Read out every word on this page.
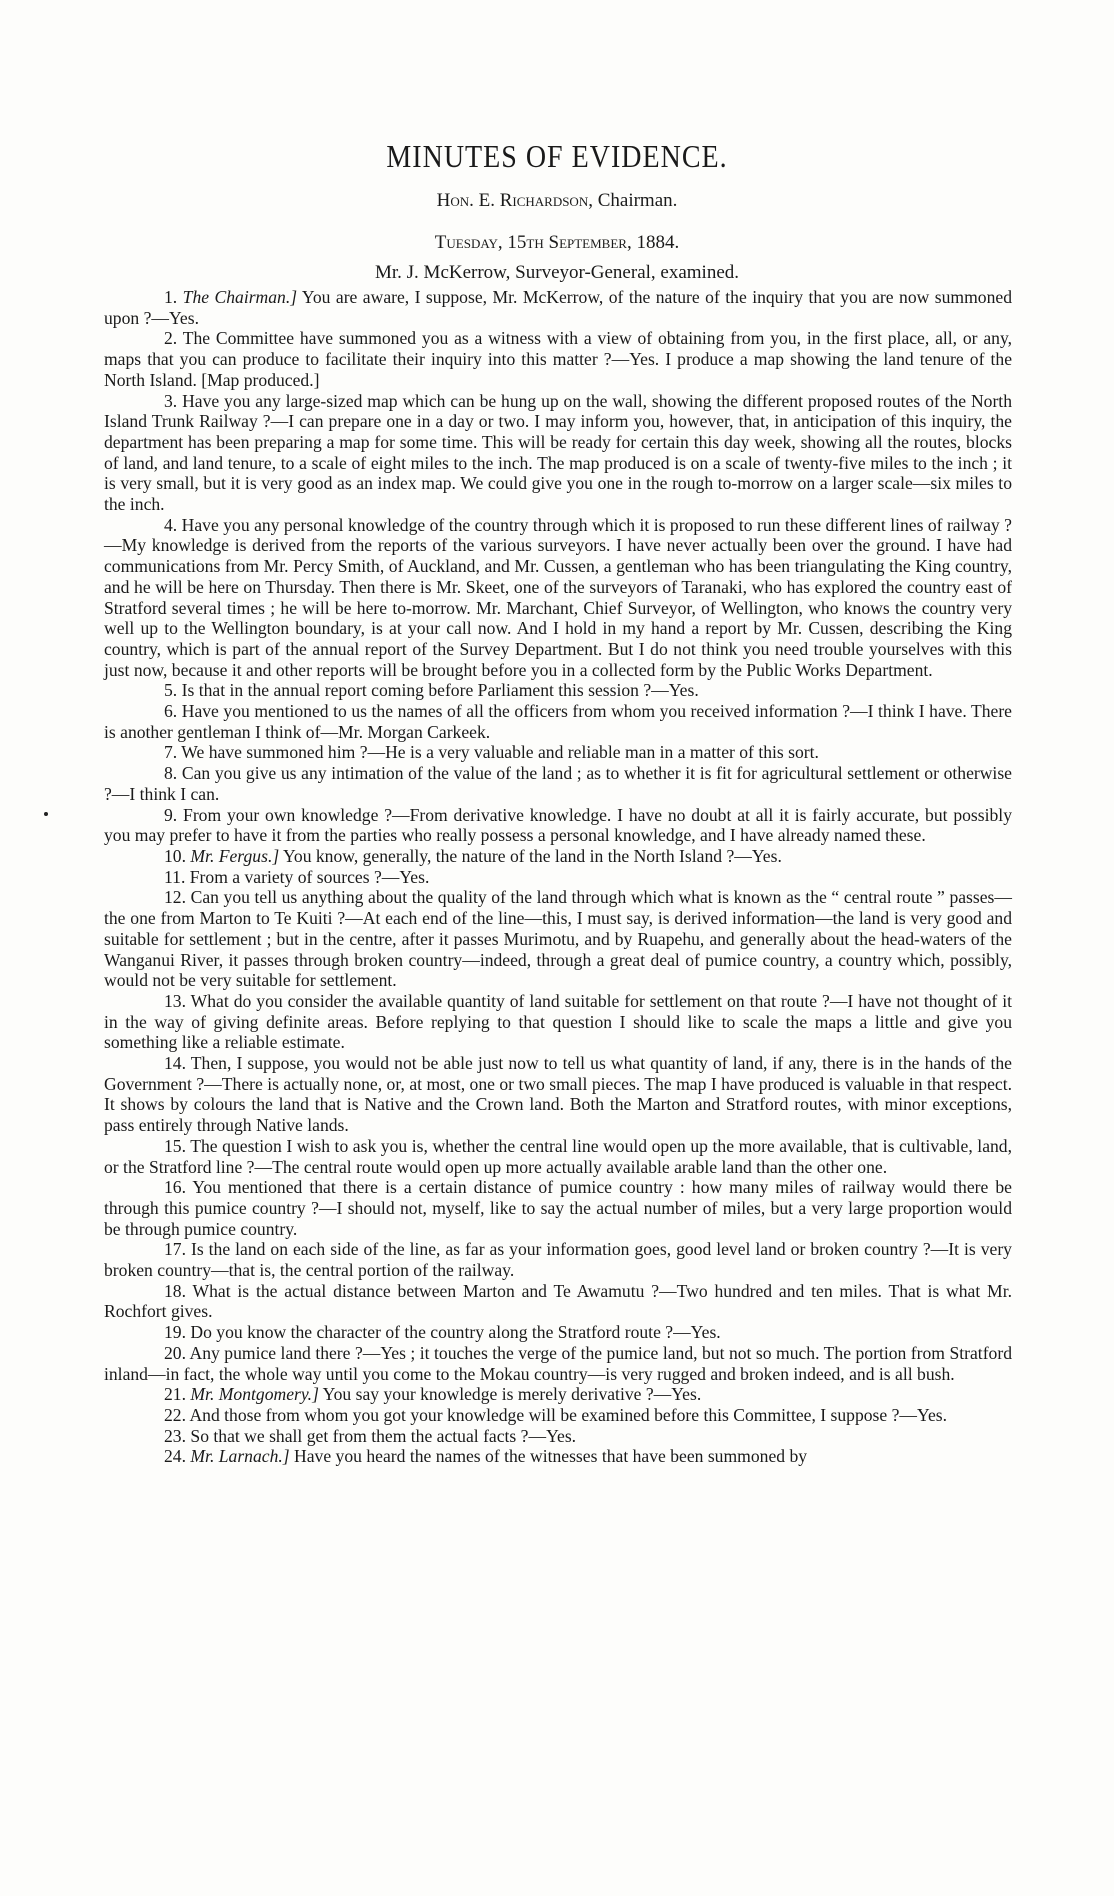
MINUTES OF EVIDENCE.
Hon. E. Richardson, Chairman.
Tuesday, 15th September, 1884.
Mr. J. McKerrow, Surveyor-General, examined.

1. The Chairman.] You are aware, I suppose, Mr. McKerrow, of the nature of the inquiry that you are now summoned upon ?—Yes.

2. The Committee have summoned you as a witness with a view of obtaining from you, in the first place, all, or any, maps that you can produce to facilitate their inquiry into this matter ?—Yes. I produce a map showing the land tenure of the North Island. [Map produced.]

3. Have you any large-sized map which can be hung up on the wall, showing the different proposed routes of the North Island Trunk Railway ?—I can prepare one in a day or two. I may inform you, however, that, in anticipation of this inquiry, the department has been preparing a map for some time. This will be ready for certain this day week, showing all the routes, blocks of land, and land tenure, to a scale of eight miles to the inch. The map produced is on a scale of twenty-five miles to the inch ; it is very small, but it is very good as an index map. We could give you one in the rough to-morrow on a larger scale—six miles to the inch.

4. Have you any personal knowledge of the country through which it is proposed to run these different lines of railway ?—My knowledge is derived from the reports of the various surveyors. I have never actually been over the ground. I have had communications from Mr. Percy Smith, of Auckland, and Mr. Cussen, a gentleman who has been triangulating the King country, and he will be here on Thursday. Then there is Mr. Skeet, one of the surveyors of Taranaki, who has explored the country east of Stratford several times ; he will be here to-morrow. Mr. Marchant, Chief Surveyor, of Wellington, who knows the country very well up to the Wellington boundary, is at your call now. And I hold in my hand a report by Mr. Cussen, describing the King country, which is part of the annual report of the Survey Department. But I do not think you need trouble yourselves with this just now, because it and other reports will be brought before you in a collected form by the Public Works Department.

5. Is that in the annual report coming before Parliament this session ?—Yes.

6. Have you mentioned to us the names of all the officers from whom you received information ?—I think I have. There is another gentleman I think of—Mr. Morgan Carkeek.

7. We have summoned him ?—He is a very valuable and reliable man in a matter of this sort.

8. Can you give us any intimation of the value of the land ; as to whether it is fit for agricultural settlement or otherwise ?—I think I can.

9. From your own knowledge ?—From derivative knowledge. I have no doubt at all it is fairly accurate, but possibly you may prefer to have it from the parties who really possess a personal knowledge, and I have already named these.

10. Mr. Fergus.] You know, generally, the nature of the land in the North Island ?—Yes.

11. From a variety of sources ?—Yes.

12. Can you tell us anything about the quality of the land through which what is known as the “ central route ” passes—the one from Marton to Te Kuiti ?—At each end of the line—this, I must say, is derived information—the land is very good and suitable for settlement ; but in the centre, after it passes Murimotu, and by Ruapehu, and generally about the head-waters of the Wanganui River, it passes through broken country—indeed, through a great deal of pumice country, a country which, possibly, would not be very suitable for settlement.

13. What do you consider the available quantity of land suitable for settlement on that route ?—I have not thought of it in the way of giving definite areas. Before replying to that question I should like to scale the maps a little and give you something like a reliable estimate.

14. Then, I suppose, you would not be able just now to tell us what quantity of land, if any, there is in the hands of the Government ?—There is actually none, or, at most, one or two small pieces. The map I have produced is valuable in that respect. It shows by colours the land that is Native and the Crown land. Both the Marton and Stratford routes, with minor exceptions, pass entirely through Native lands.

15. The question I wish to ask you is, whether the central line would open up the more available, that is cultivable, land, or the Stratford line ?—The central route would open up more actually available arable land than the other one.

16. You mentioned that there is a certain distance of pumice country : how many miles of railway would there be through this pumice country ?—I should not, myself, like to say the actual number of miles, but a very large proportion would be through pumice country.

17. Is the land on each side of the line, as far as your information goes, good level land or broken country ?—It is very broken country—that is, the central portion of the railway.

18. What is the actual distance between Marton and Te Awamutu ?—Two hundred and ten miles. That is what Mr. Rochfort gives.

19. Do you know the character of the country along the Stratford route ?—Yes.

20. Any pumice land there ?—Yes ; it touches the verge of the pumice land, but not so much. The portion from Stratford inland—in fact, the whole way until you come to the Mokau country—is very rugged and broken indeed, and is all bush.

21. Mr. Montgomery.] You say your knowledge is merely derivative ?—Yes.

22. And those from whom you got your knowledge will be examined before this Committee, I suppose ?—Yes.

23. So that we shall get from them the actual facts ?—Yes.

24. Mr. Larnach.] Have you heard the names of the witnesses that have been summoned by
